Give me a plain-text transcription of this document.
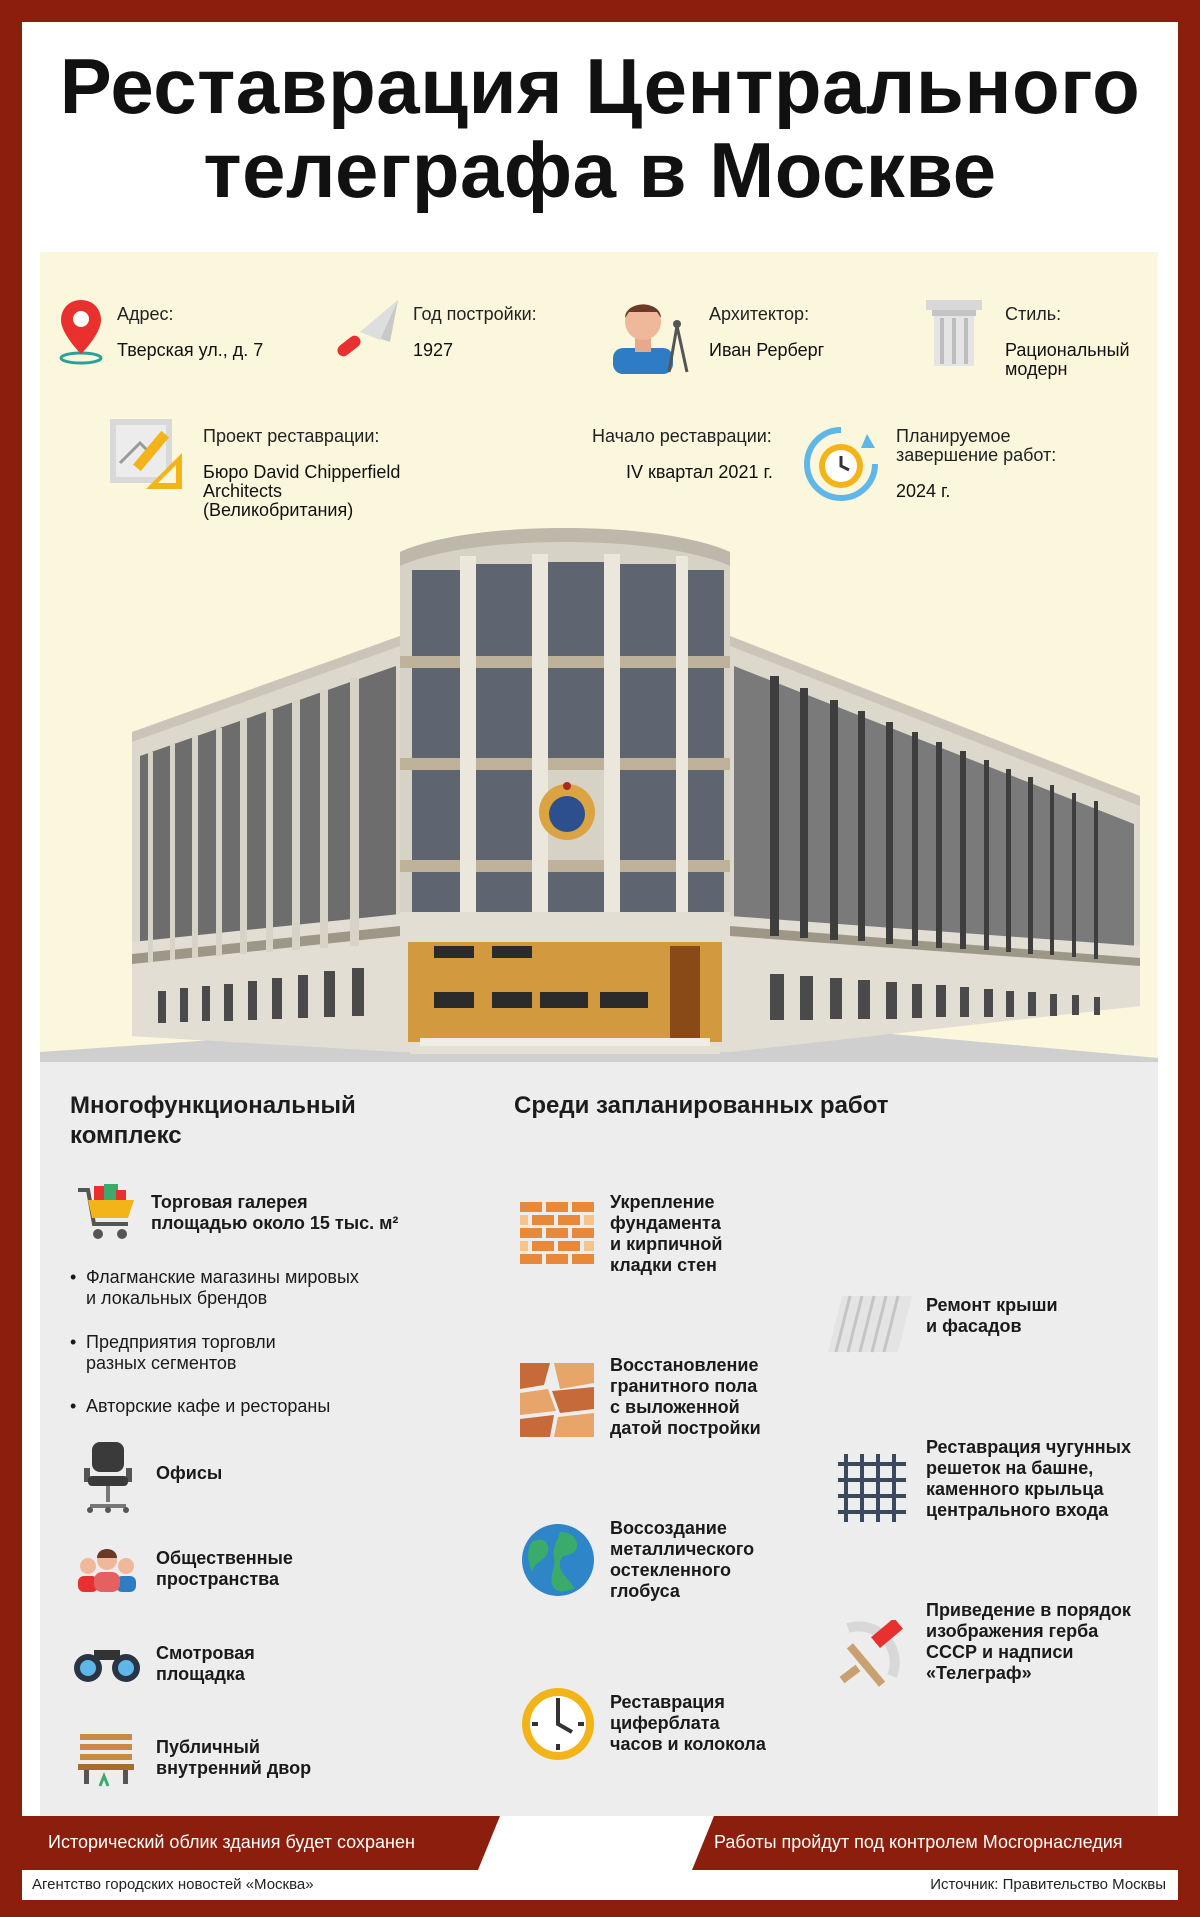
Реставрация Центрального
телеграфа в Москве
Адрес:
Тверская ул., д. 7
Год постройки:
1927
Архитектор:
Иван Рерберг
Стиль:
Рациональный
модерн
Проект реставрации:
Бюро David Chipperfield
Architects
(Великобритания)
Начало реставрации:
IV квартал 2021 г.
Планируемое
завершение работ:
2024 г.
Многофункциональный
комплекс
Торговая галерея
площадью около 15 тыс. м²
• Флагманские магазины мировых
и локальных брендов
• Предприятия торговли
разных сегментов
• Авторские кафе и рестораны
Офисы
Общественные
пространства
Смотровая
площадка
Публичный
внутренний двор
Среди запланированных работ
Укрепление
фундамента
и кирпичной
кладки стен
Восстановление
гранитного пола
с выложенной
датой постройки
Воссоздание
металлического
остекленного
глобуса
Реставрация
циферблата
часов и колокола
Ремонт крыши
и фасадов
Реставрация чугунных
решеток на башне,
каменного крыльца
центрального входа
Приведение в порядок
изображения герба
СССР и надписи
«Телеграф»
Исторический облик здания будет сохранен	Работы пройдут под контролем Мосгорнаследия
Агентство городских новостей «Москва»	Источник: Правительство Москвы
